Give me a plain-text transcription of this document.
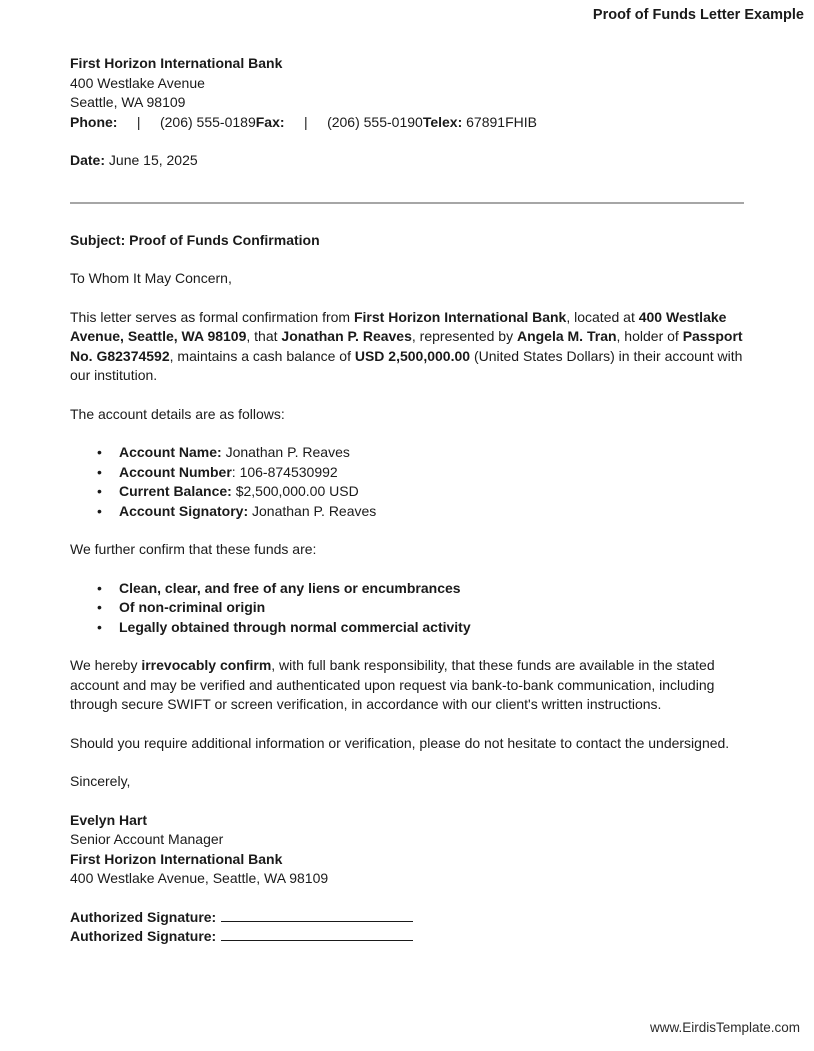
Proof of Funds Letter Example

First Horizon International Bank

400 Westlake Avenue

Seattle, WA 98109

Phone:     |     (206) 555-0189Fax:     |     (206) 555-0190Telex: 67891FHIB

Date: June 15, 2025

Subject: Proof of Funds Confirmation

To Whom It May Concern,

This letter serves as formal confirmation from First Horizon International Bank, located at 400 Westlake Avenue, Seattle, WA 98109, that Jonathan P. Reaves, represented by Angela M. Tran, holder of Passport No. G82374592, maintains a cash balance of USD 2,500,000.00 (United States Dollars) in their account with our institution.

The account details are as follows:

• Account Name: Jonathan P. Reaves
• Account Number: 106-874530992
• Current Balance: $2,500,000.00 USD
• Account Signatory: Jonathan P. Reaves

We further confirm that these funds are:

• Clean, clear, and free of any liens or encumbrances
• Of non-criminal origin
• Legally obtained through normal commercial activity

We hereby irrevocably confirm, with full bank responsibility, that these funds are available in the stated account and may be verified and authenticated upon request via bank-to-bank communication, including through secure SWIFT or screen verification, in accordance with our client's written instructions.

Should you require additional information or verification, please do not hesitate to contact the undersigned.

Sincerely,

Evelyn Hart

Senior Account Manager

First Horizon International Bank

400 Westlake Avenue, Seattle, WA 98109

Authorized Signature:

Authorized Signature:

www.EirdisTemplate.com
